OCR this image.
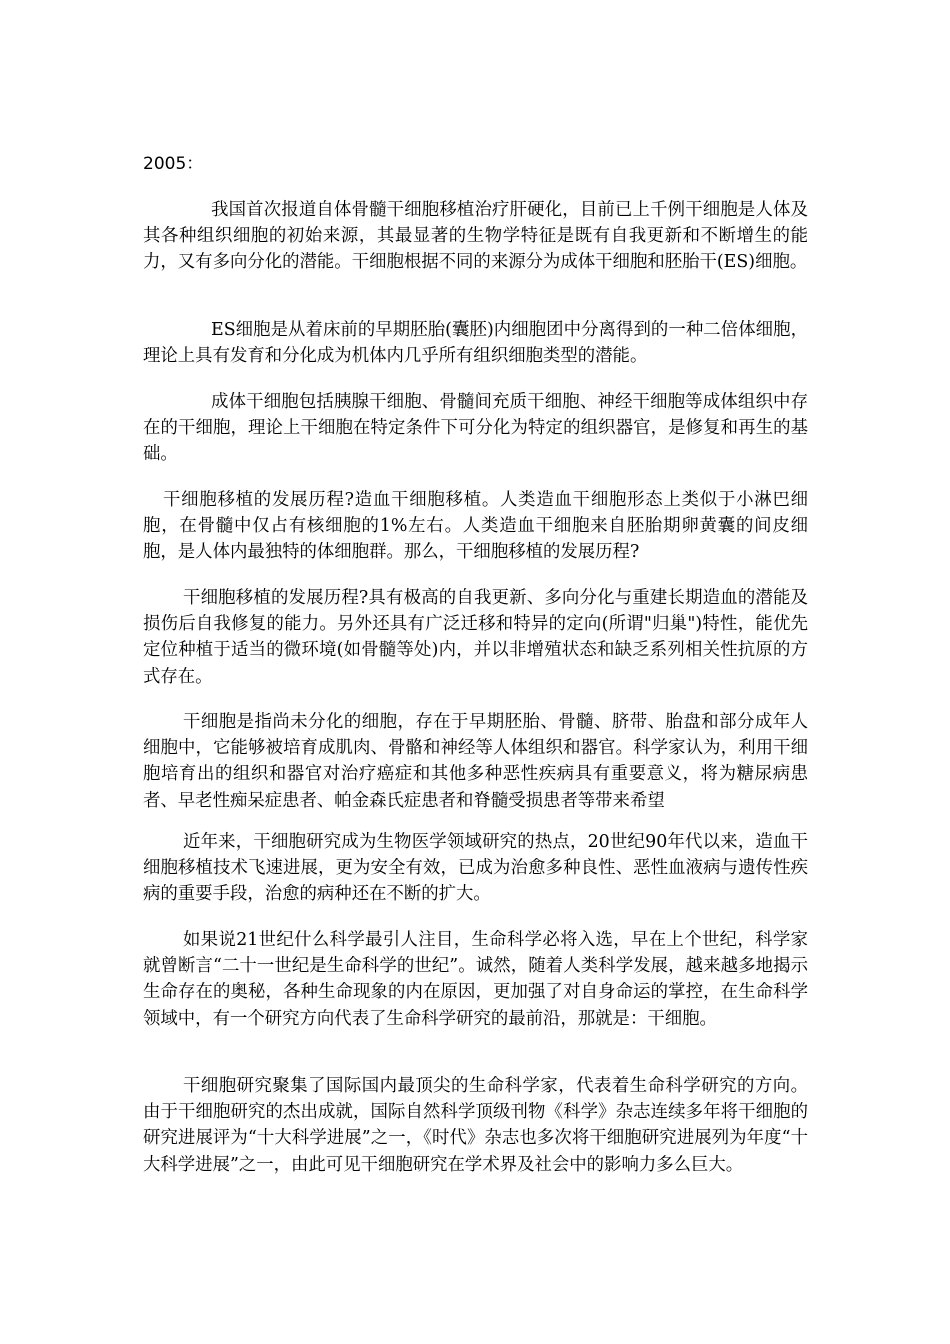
2005：

我国首次报道自体骨髓干细胞移植治疗肝硬化，目前已上千例干细胞是人体及其各种组织细胞的初始来源，其最显著的生物学特征是既有自我更新和不断增生的能力，又有多向分化的潜能。干细胞根据不同的来源分为成体干细胞和胚胎干(ES)细胞。

ES细胞是从着床前的早期胚胎(囊胚)内细胞团中分离得到的一种二倍体细胞，理论上具有发育和分化成为机体内几乎所有组织细胞类型的潜能。

成体干细胞包括胰腺干细胞、骨髓间充质干细胞、神经干细胞等成体组织中存在的干细胞，理论上干细胞在特定条件下可分化为特定的组织器官，是修复和再生的基础。

干细胞移植的发展历程?造血干细胞移植。人类造血干细胞形态上类似于小淋巴细胞，在骨髓中仅占有核细胞的1%左右。人类造血干细胞来自胚胎期卵黄囊的间皮细胞，是人体内最独特的体细胞群。那么，干细胞移植的发展历程?

干细胞移植的发展历程?具有极高的自我更新、多向分化与重建长期造血的潜能及损伤后自我修复的能力。另外还具有广泛迁移和特异的定向(所谓"归巢")特性，能优先定位种植于适当的微环境(如骨髓等处)内，并以非增殖状态和缺乏系列相关性抗原的方式存在。

干细胞是指尚未分化的细胞，存在于早期胚胎、骨髓、脐带、胎盘和部分成年人细胞中，它能够被培育成肌肉、骨骼和神经等人体组织和器官。科学家认为，利用干细胞培育出的组织和器官对治疗癌症和其他多种恶性疾病具有重要意义，将为糖尿病患者、早老性痴呆症患者、帕金森氏症患者和脊髓受损患者等带来希望

近年来，干细胞研究成为生物医学领域研究的热点，20世纪90年代以来，造血干细胞移植技术飞速进展，更为安全有效，已成为治愈多种良性、恶性血液病与遗传性疾病的重要手段，治愈的病种还在不断的扩大。

如果说21世纪什么科学最引人注目，生命科学必将入选，早在上个世纪，科学家就曾断言“二十一世纪是生命科学的世纪”。诚然，随着人类科学发展，越来越多地揭示生命存在的奥秘，各种生命现象的内在原因，更加强了对自身命运的掌控，在生命科学领域中，有一个研究方向代表了生命科学研究的最前沿，那就是：干细胞。

干细胞研究聚集了国际国内最顶尖的生命科学家，代表着生命科学研究的方向。由于干细胞研究的杰出成就，国际自然科学顶级刊物《科学》杂志连续多年将干细胞的研究进展评为“十大科学进展”之一，《时代》杂志也多次将干细胞研究进展列为年度“十大科学进展”之一，由此可见干细胞研究在学术界及社会中的影响力多么巨大。
